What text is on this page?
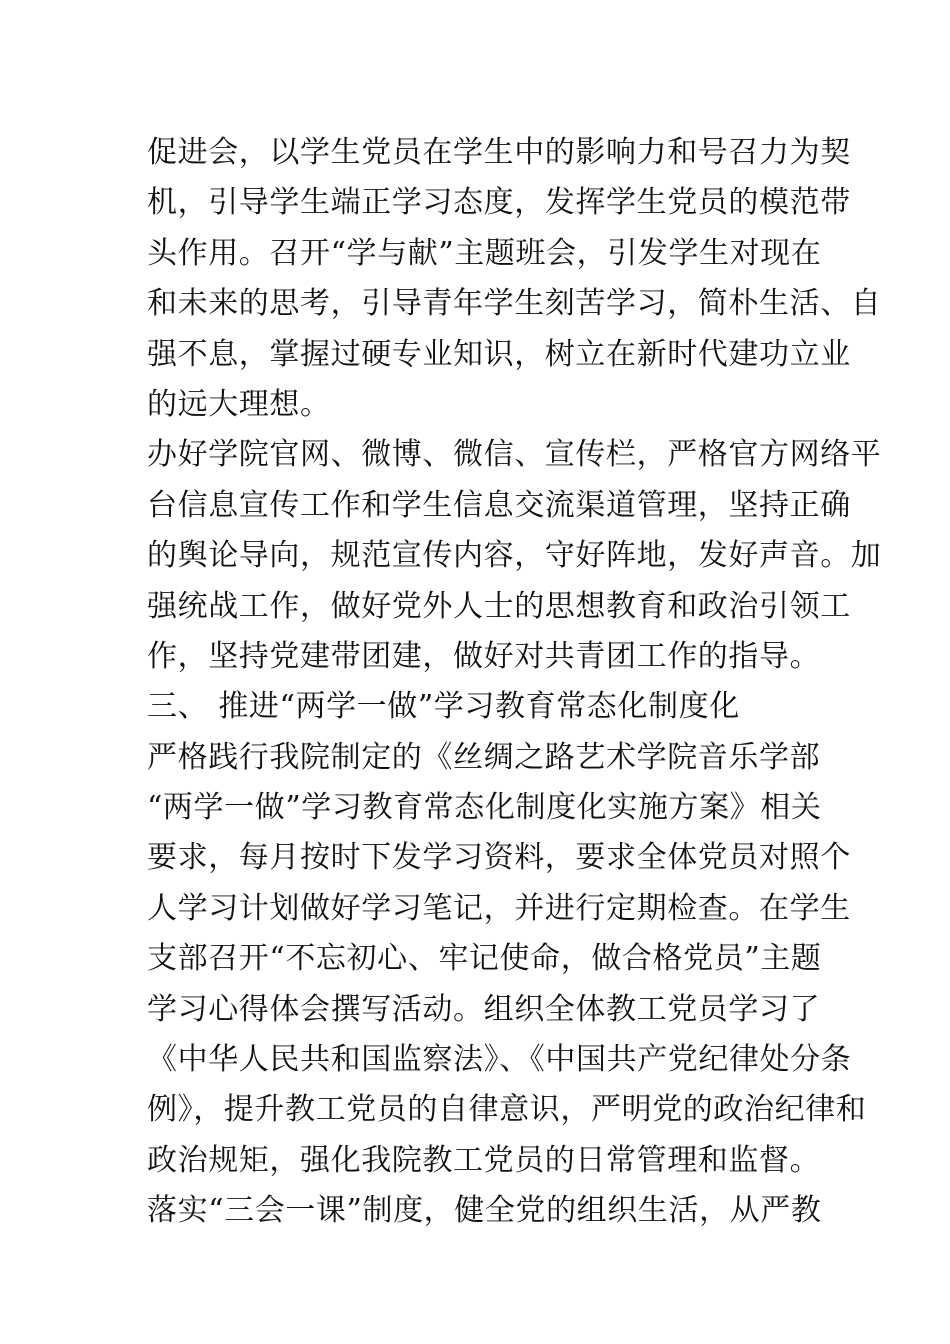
促进会，以学生党员在学生中的影响力和号召力为契
机，引导学生端正学习态度，发挥学生党员的模范带
头作用。召开“学与献”主题班会，引发学生对现在
和未来的思考，引导青年学生刻苦学习，简朴生活、自
强不息，掌握过硬专业知识，树立在新时代建功立业
的远大理想。
办好学院官网、微博、微信、宣传栏，严格官方网络平
台信息宣传工作和学生信息交流渠道管理，坚持正确
的舆论导向，规范宣传内容，守好阵地，发好声音。加
强统战工作，做好党外人士的思想教育和政治引领工
作，坚持党建带团建，做好对共青团工作的指导。
三、 推进“两学一做”学习教育常态化制度化
严格践行我院制定的《丝绸之路艺术学院音乐学部
“两学一做”学习教育常态化制度化实施方案》相关
要求，每月按时下发学习资料，要求全体党员对照个
人学习计划做好学习笔记，并进行定期检查。在学生
支部召开“不忘初心、牢记使命，做合格党员”主题
学习心得体会撰写活动。组织全体教工党员学习了
《中华人民共和国监察法》、《中国共产党纪律处分条
例》，提升教工党员的自律意识，严明党的政治纪律和
政治规矩，强化我院教工党员的日常管理和监督。
落实“三会一课”制度，健全党的组织生活，从严教
